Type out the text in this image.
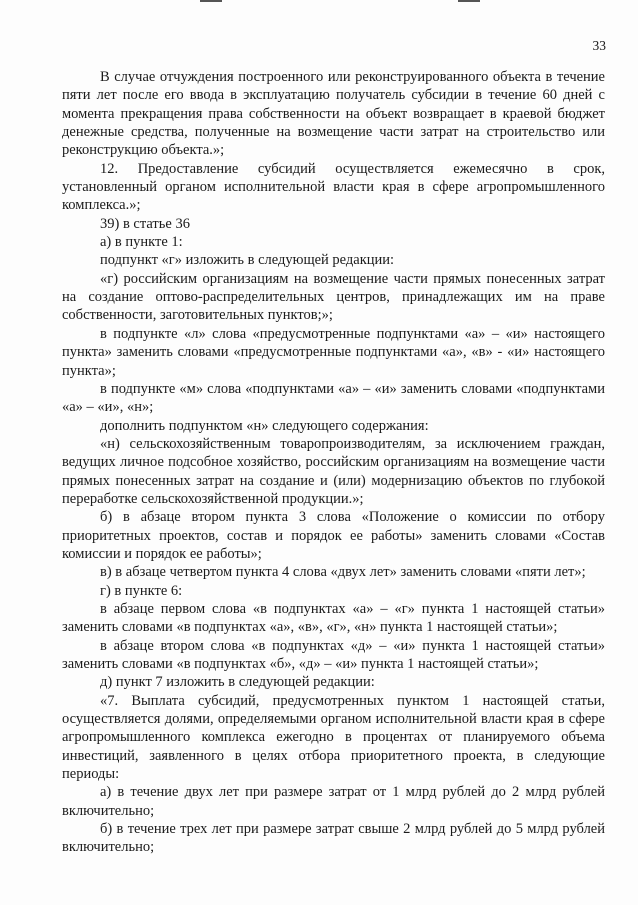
33

В случае отчуждения построенного или реконструированного объекта в течение пяти лет после его ввода в эксплуатацию получатель субсидии в течение 60 дней с момента прекращения права собственности на объект возвращает в краевой бюджет денежные средства, полученные на возмещение части затрат на строительство или реконструкцию объекта.»;

12. Предоставление субсидий осуществляется ежемесячно в срок, установленный органом исполнительной власти края в сфере агропромышленного комплекса.»;

39) в статье 36

а) в пункте 1:

подпункт «г» изложить в следующей редакции:

«г) российским организациям на возмещение части прямых понесенных затрат на создание оптово-распределительных центров, принадлежащих им на праве собственности, заготовительных пунктов;»;

в подпункте «л» слова «предусмотренные подпунктами «а» – «и» настоящего пункта» заменить словами «предусмотренные подпунктами «а», «в» - «и» настоящего пункта»;

в подпункте «м» слова «подпунктами «а» – «и» заменить словами «подпунктами «а» – «и», «н»;

дополнить подпунктом «н» следующего содержания:

«н) сельскохозяйственным товаропроизводителям, за исключением граждан, ведущих личное подсобное хозяйство, российским организациям на возмещение части прямых понесенных затрат на создание и (или) модернизацию объектов по глубокой переработке сельскохозяйственной продукции.»;

б) в абзаце втором пункта 3 слова «Положение о комиссии по отбору приоритетных проектов, состав и порядок ее работы» заменить словами «Состав комиссии и порядок ее работы»;

в) в абзаце четвертом пункта 4 слова «двух лет» заменить словами «пяти лет»;

г) в пункте 6:

в абзаце первом слова «в подпунктах «а» – «г» пункта 1 настоящей статьи» заменить словами «в подпунктах «а», «в», «г», «н» пункта 1 настоящей статьи»;

в абзаце втором слова «в подпунктах «д» – «и» пункта 1 настоящей статьи» заменить словами «в подпунктах «б», «д» – «и» пункта 1 настоящей статьи»;

д) пункт 7 изложить в следующей редакции:

«7. Выплата субсидий, предусмотренных пунктом 1 настоящей статьи, осуществляется долями, определяемыми органом исполнительной власти края в сфере агропромышленного комплекса ежегодно в процентах от планируемого объема инвестиций, заявленного в целях отбора приоритетного проекта, в следующие периоды:

а) в течение двух лет при размере затрат от 1 млрд рублей до 2 млрд рублей включительно;

б) в течение трех лет при размере затрат свыше 2 млрд рублей до 5 млрд рублей включительно;
